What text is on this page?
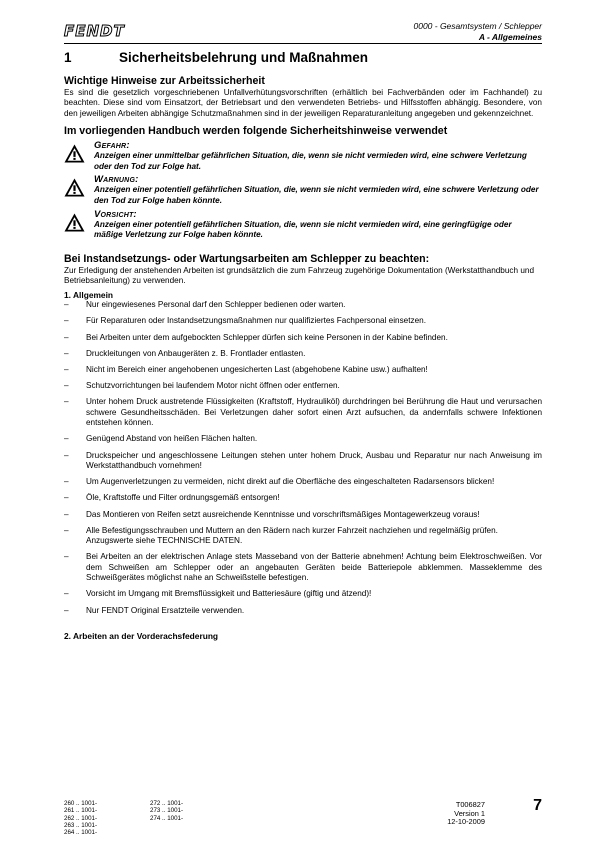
FENDT	0000 - Gesamtsystem / Schlepper
A - Allgemeines
1	Sicherheitsbelehrung und Maßnahmen
Wichtige Hinweise zur Arbeitssicherheit

Es sind die gesetzlich vorgeschriebenen Unfallverhütungsvorschriften (erhältlich bei Fachverbänden oder im Fachhandel) zu beachten. Diese sind vom Einsatzort, der Betriebsart und den verwendeten Betriebs- und Hilfsstoffen abhängig. Besondere, von den jeweiligen Arbeiten abhängige Schutzmaßnahmen sind in der jeweiligen Reparaturanleitung angegeben und gekennzeichnet.

Im vorliegenden Handbuch werden folgende Sicherheitshinweise verwendet
Gefahr:
Anzeigen einer unmittelbar gefährlichen Situation, die, wenn sie nicht vermieden wird, eine schwere Verletzung oder den Tod zur Folge hat.
Warnung:
Anzeigen einer potentiell gefährlichen Situation, die, wenn sie nicht vermieden wird, eine schwere Verletzung oder den Tod zur Folge haben könnte.
Vorsicht:
Anzeigen einer potentiell gefährlichen Situation, die, wenn sie nicht vermieden wird, eine geringfügige oder mäßige Verletzung zur Folge haben könnte.
Bei Instandsetzungs- oder Wartungsarbeiten am Schlepper zu beachten:

Zur Erledigung der anstehenden Arbeiten ist grundsätzlich die zum Fahrzeug zugehörige Dokumentation (Werkstatthandbuch und Betriebsanleitung) zu verwenden.

1. Allgemein
–	Nur eingewiesenes Personal darf den Schlepper bedienen oder warten.
–	Für Reparaturen oder Instandsetzungsmaßnahmen nur qualifiziertes Fachpersonal einsetzen.
–	Bei Arbeiten unter dem aufgebockten Schlepper dürfen sich keine Personen in der Kabine befinden.
–	Druckleitungen von Anbaugeräten z. B. Frontlader entlasten.
–	Nicht im Bereich einer angehobenen ungesicherten Last (abgehobene Kabine usw.) aufhalten!
–	Schutzvorrichtungen bei laufendem Motor nicht öffnen oder entfernen.
–	Unter hohem Druck austretende Flüssigkeiten (Kraftstoff, Hydrauliköl) durchdringen bei Berührung die Haut und verursachen schwere Gesundheitsschäden. Bei Verletzungen daher sofort einen Arzt aufsuchen, da andernfalls schwere Infektionen entstehen können.
–	Genügend Abstand von heißen Flächen halten.
–	Druckspeicher und angeschlossene Leitungen stehen unter hohem Druck, Ausbau und Reparatur nur nach Anweisung im Werkstatthandbuch vornehmen!
–	Um Augenverletzungen zu vermeiden, nicht direkt auf die Oberfläche des eingeschalteten Radarsensors blicken!
–	Öle, Kraftstoffe und Filter ordnungsgemäß entsorgen!
–	Das Montieren von Reifen setzt ausreichende Kenntnisse und vorschriftsmäßiges Montagewerkzeug voraus!
–	Alle Befestigungsschrauben und Muttern an den Rädern nach kurzer Fahrzeit nachziehen und regelmäßig prüfen.
Anzugswerte siehe TECHNISCHE DATEN.
–	Bei Arbeiten an der elektrischen Anlage stets Masseband von der Batterie abnehmen! Achtung beim Elektroschweißen. Vor dem Schweißen am Schlepper oder an angebauten Geräten beide Batteriepole abklemmen. Masseklemme des Schweißgerätes möglichst nahe an Schweißstelle befestigen.
–	Vorsicht im Umgang mit Bremsflüssigkeit und Batteriesäure (giftig und ätzend)!
–	Nur FENDT Original Ersatzteile verwenden.
2. Arbeiten an der Vorderachsfederung
260 .. 1001-
261 .. 1001-
262 .. 1001-
263 .. 1001-
264 .. 1001-
272 .. 1001-
273 .. 1001-
274 .. 1001-
T006827
Version 1
12-10-2009
7
